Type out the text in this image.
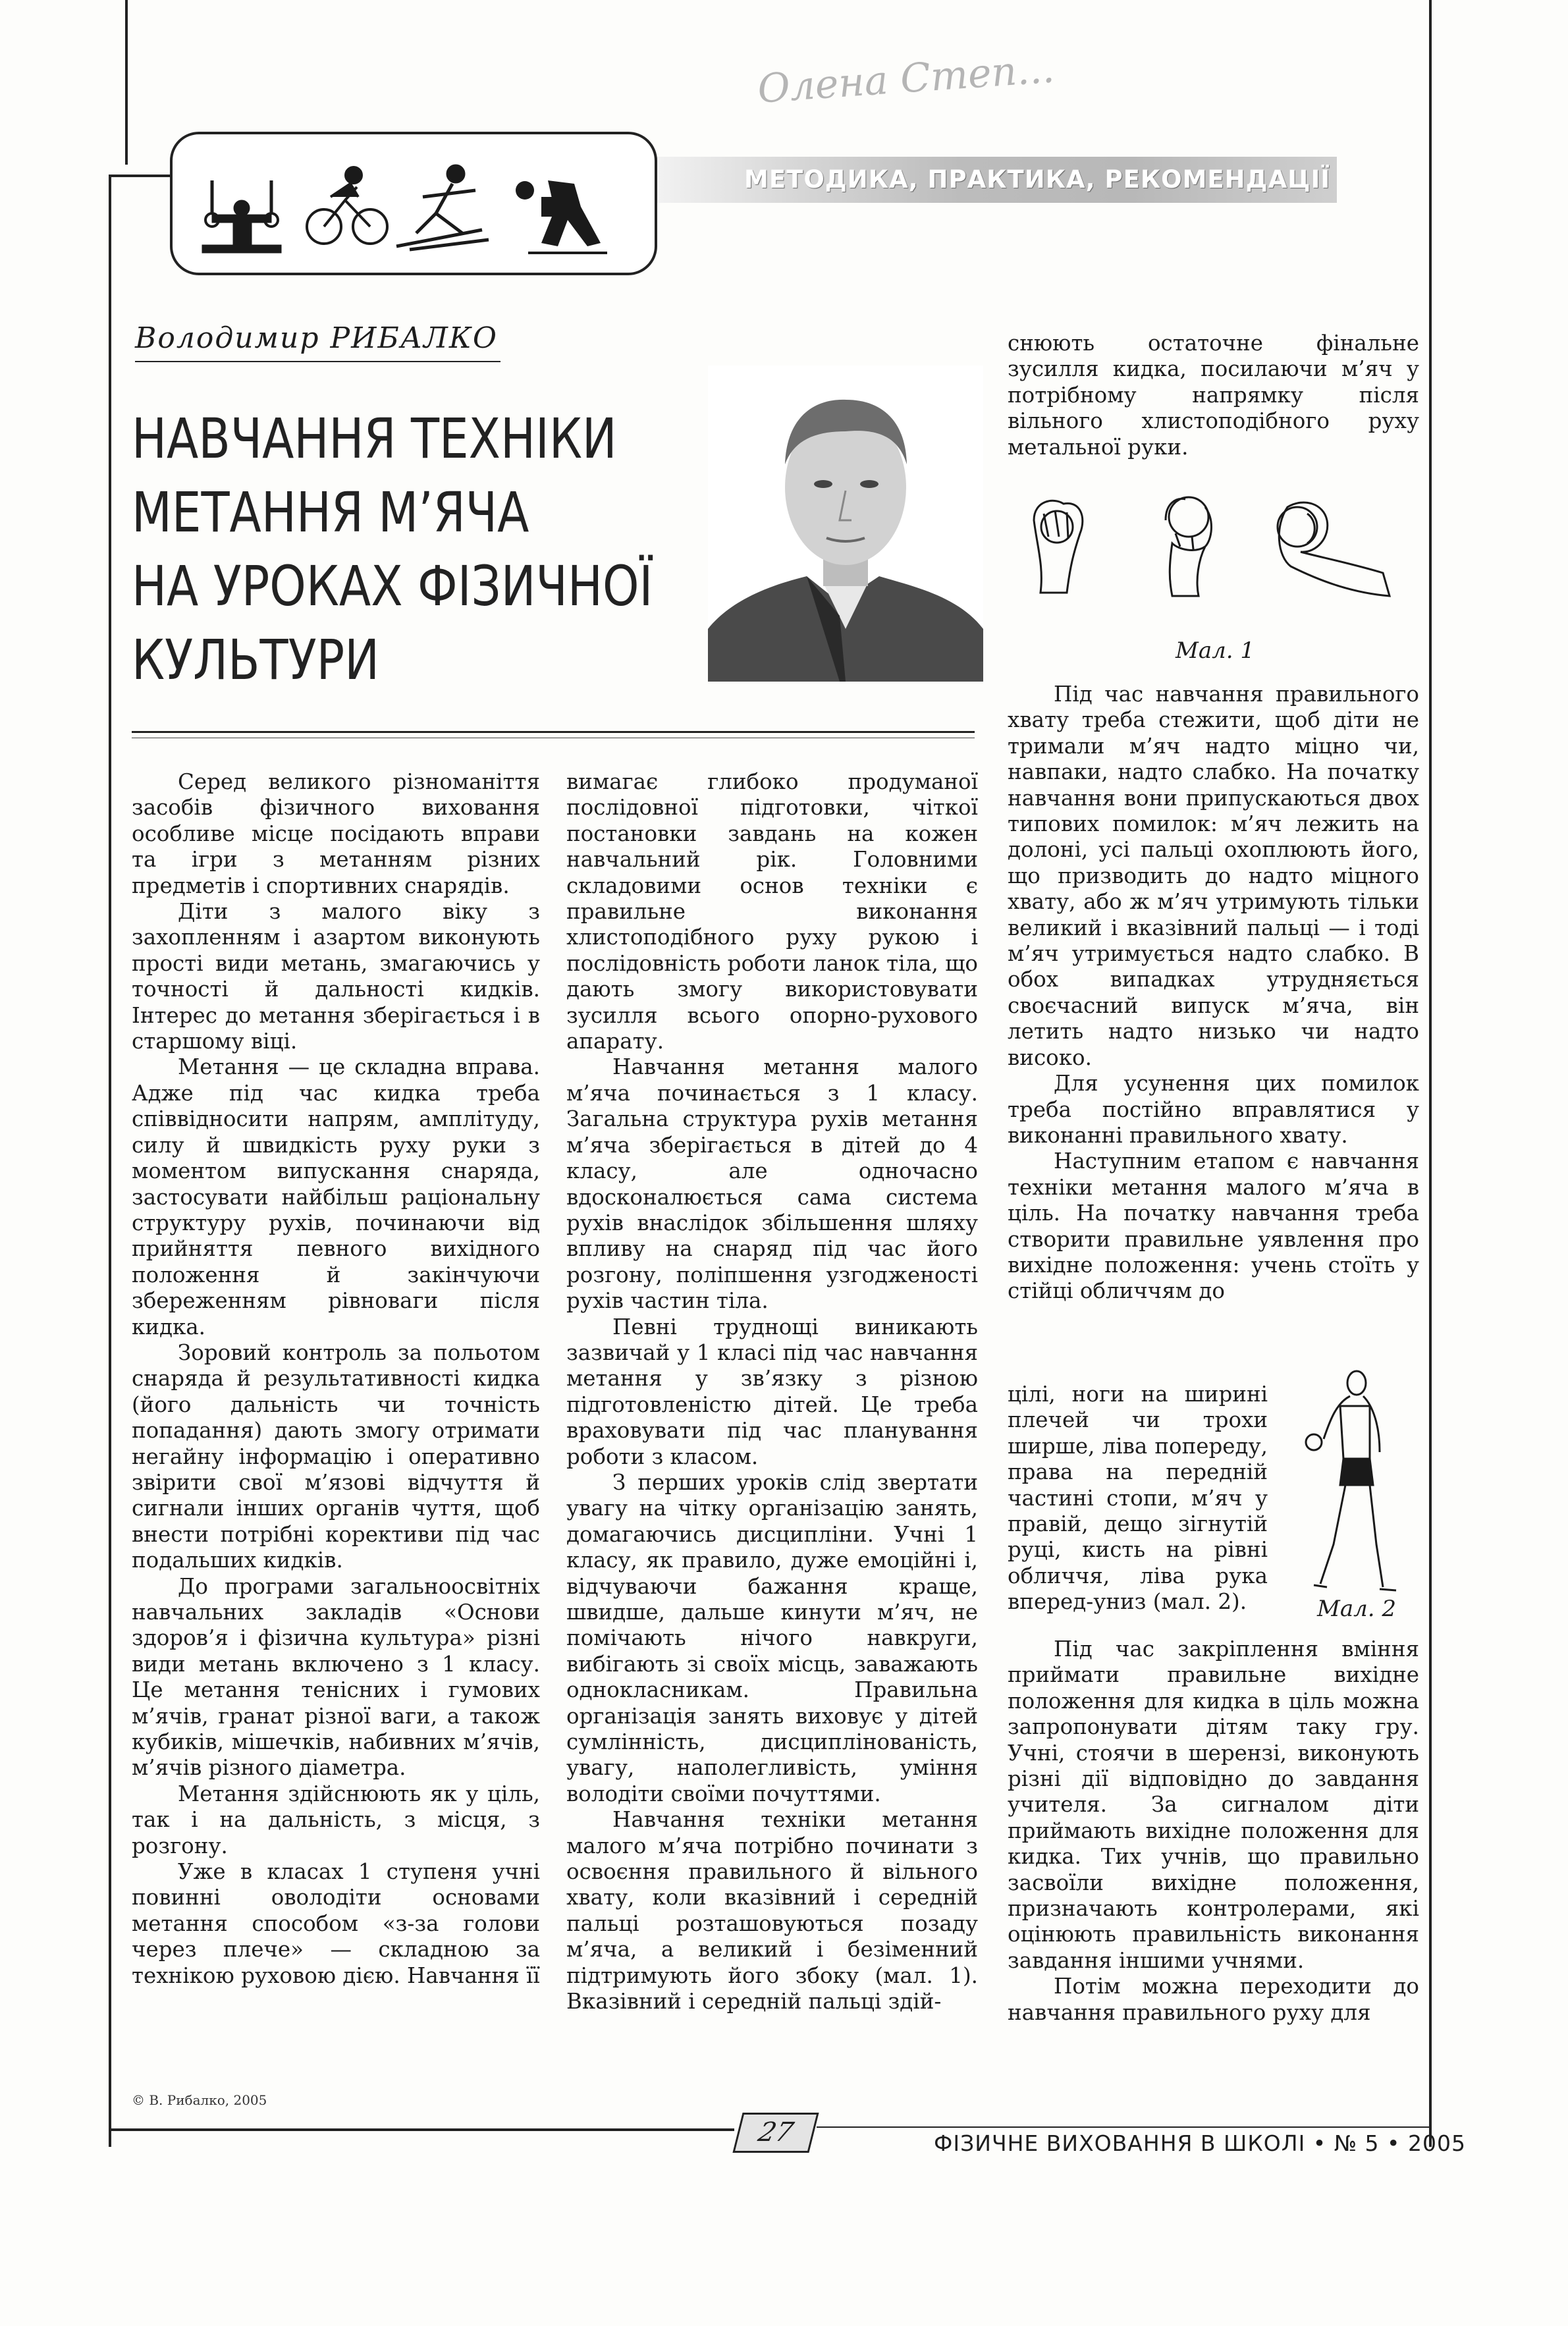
МЕТОДИКА, ПРАКТИКА, РЕКОМЕНДАЦІЇ
Олена Степ...
Володимир РИБАЛКО
НАВЧАННЯ ТЕХНІКИ
МЕТАННЯ М’ЯЧА
НА УРОКАХ ФІЗИЧНОЇ
КУЛЬТУРИ

Серед великого різноманіття засобів фізичного виховання особливе місце посідають вправи та ігри з метанням різних предметів і спортивних снарядів.

Діти з малого віку з захопленням і азартом виконують прості види метань, змагаючись у точності й дальності кидків. Інтерес до метання зберігається і в старшому віці.

Метання — це складна вправа. Адже під час кидка треба співвідносити напрям, амплітуду, силу й швидкість руху руки з моментом випускання снаряда, застосувати найбільш раціональну структуру рухів, починаючи від прийняття певного вихідного положення й закінчуючи збереженням рівноваги після кидка.

Зоровий контроль за польотом снаряда й результативності кидка (його дальність чи точність попадання) дають змогу отримати негайну інформацію і оперативно звірити свої м’язові відчуття й сигнали інших органів чуття, щоб внести потрібні корективи під час подальших кидків.

До програми загальноосвітніх навчальних закладів «Основи здоров’я і фізична культура» різні види метань включено з 1 класу. Це метання тенісних і гумових м’ячів, гранат різної ваги, а також кубиків, мішечків, набивних м’ячів, м’ячів різного діаметра.

Метання здійснюють як у ціль, так і на дальність, з місця, з розгону.

Уже в класах 1 ступеня учні повинні оволодіти основами метання способом «з-за голови через плече» — складною за технікою руховою дією. Навчання її

вимагає глибоко продуманої послідовної підготовки, чіткої постановки завдань на кожен навчальний рік. Головними складовими основ техніки є правильне виконання хлистоподібного руху рукою і послідовність роботи ланок тіла, що дають змогу використовувати зусилля всього опорно-рухового апарату.

Навчання метання малого м’яча починається з 1 класу. Загальна структура рухів метання м’яча зберігається в дітей до 4 класу, але одночасно вдосконалюється сама система рухів внаслідок збільшення шляху впливу на снаряд під час його розгону, поліпшення узгодженості рухів частин тіла.

Певні труднощі виникають зазвичай у 1 класі під час навчання метання у зв’язку з різною підготовленістю дітей. Це треба враховувати під час планування роботи з класом.

З перших уроків слід звертати увагу на чітку організацію занять, домагаючись дисципліни. Учні 1 класу, як правило, дуже емоційні і, відчуваючи бажання краще, швидше, дальше кинути м’яч, не помічають нічого навкруги, вибігають зі своїх місць, заважають однокласникам. Правильна організація занять виховує у дітей сумлінність, дисциплінованість, увагу, наполегливість, уміння володіти своїми почуттями.

Навчання техніки метання малого м’яча потрібно починати з освоєння правильного й вільного хвату, коли вказівний і середній пальці розташовуються позаду м’яча, а великий і безіменний підтримують його збоку (мал. 1). Вказівний і середній пальці здій-

снюють остаточне фінальне зусилля кидка, посилаючи м’яч у потрібному напрямку після вільного хлистоподібного руху метальної руки.

Мал. 1

Під час навчання правильного хвату треба стежити, щоб діти не тримали м’яч надто міцно чи, навпаки, надто слабко. На початку навчання вони припускаються двох типових помилок: м’яч лежить на долоні, усі пальці охоплюють його, що призводить до надто міцного хвату, або ж м’яч утримують тільки великий і вказівний пальці — і тоді м’яч утримується надто слабко. В обох випадках утрудняється своєчасний випуск м’яча, він летить надто низько чи надто високо.

Для усунення цих помилок треба постійно вправлятися у виконанні правильного хвату.

Наступним етапом є навчання техніки метання малого м’яча в ціль. На початку навчання треба створити правильне уявлення про вихідне положення: учень стоїть у стійці обличчям до

цілі, ноги на ширині плечей чи трохи ширше, ліва попереду, права на передній частині стопи, м’яч у правій, дещо зігнутій руці, кисть на рівні обличчя, ліва рука вперед-униз (мал. 2).	Мал. 2

Під час закріплення вміння приймати правильне вихідне положення для кидка в ціль можна запропонувати дітям таку гру. Учні, стоячи в шерензі, виконують різні дії відповідно до завдання учителя. За сигналом діти приймають вихідне положення для кидка. Тих учнів, що правильно засвоїли вихідне положення, призначають контролерами, які оцінюють правильність виконання завдання іншими учнями.

Потім можна переходити до навчання правильного руху для

© В. Рибалко, 2005
27	ФІЗИЧНЕ ВИХОВАННЯ В ШКОЛІ • № 5 • 2005
